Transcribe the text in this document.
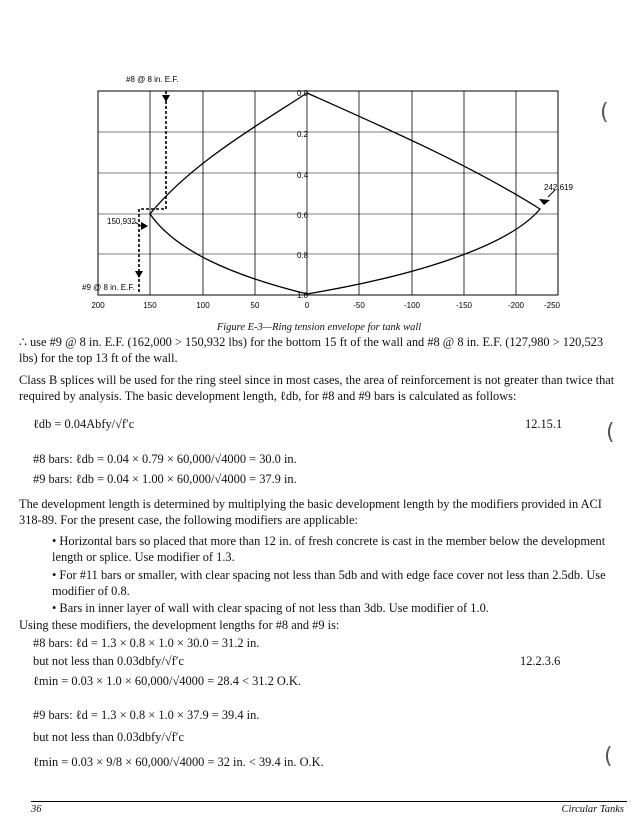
0.0
0.2
0.4
0.6
0.8
1.0
200	150	100	50	0	-50	-100	-150	-200 -250
#8 @ 8 in. E.F.
150,932
242,619
#9 @ 8 in. E.F.
Figure E-3—Ring tension envelope for tank wall
∴ use #9 @ 8 in. E.F. (162,000 > 150,932 lbs) for the bottom 15 ft of the wall and #8 @ 8 in. E.F. (127,980 > 120,523 lbs) for the top 13 ft of the wall.
Class B splices will be used for the ring steel since in most cases, the area of reinforcement is not greater than twice that required by analysis. The basic development length, ℓdb, for #8 and #9 bars is calculated as follows:
ℓdb = 0.04Abfy/√f′c	12.15.1
#8 bars: ℓdb = 0.04 × 0.79 × 60,000/√4000 = 30.0 in.
#9 bars: ℓdb = 0.04 × 1.00 × 60,000/√4000 = 37.9 in.
The development length is determined by multiplying the basic development length by the modifiers provided in ACI 318-89. For the present case, the following modifiers are applicable:
• Horizontal bars so placed that more than 12 in. of fresh concrete is cast in the member below the development length or splice. Use modifier of 1.3.
• For #11 bars or smaller, with clear spacing not less than 5db and with edge face cover not less than 2.5db. Use modifier of 0.8.
• Bars in inner layer of wall with clear spacing of not less than 3db. Use modifier of 1.0.
Using these modifiers, the development lengths for #8 and #9 is:
#8 bars: ℓd = 1.3 × 0.8 × 1.0 × 30.0 = 31.2 in.
but not less than 0.03dbfy/√f′c	12.2.3.6
ℓmin = 0.03 × 1.0 × 60,000/√4000 = 28.4 < 31.2 O.K.
#9 bars: ℓd = 1.3 × 0.8 × 1.0 × 37.9 = 39.4 in.
but not less than 0.03dbfy/√f′c
ℓmin = 0.03 × 9/8 × 60,000/√4000 = 32 in. < 39.4 in. O.K.
(
(
(
36	Circular Tanks
